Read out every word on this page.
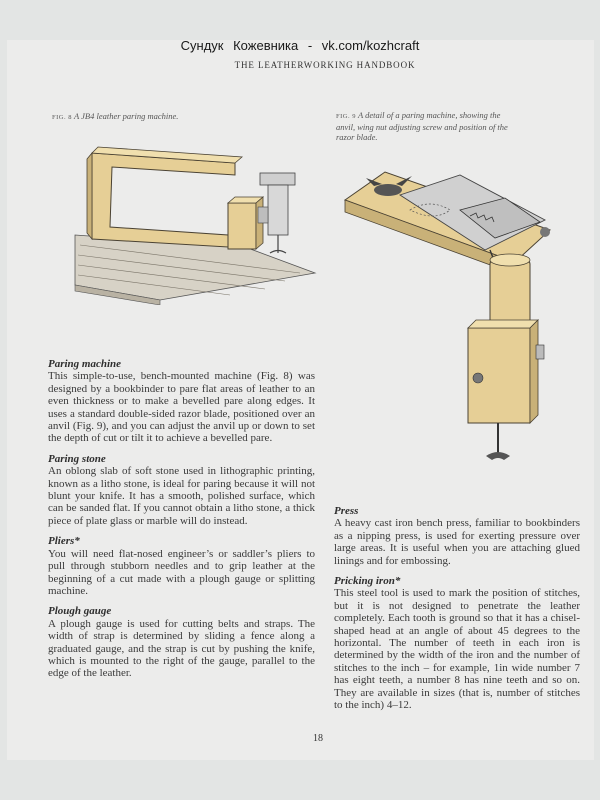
Сундук Кожевника - vk.com/kozhcraft
THE LEATHERWORKING HANDBOOK
FIG. 8 A JB4 leather paring machine.	FIG. 9 A detail of a paring machine, showing the anvil, wing nut adjusting screw and position of the razor blade.
Paring machine

This simple-to-use, bench-mounted machine (Fig. 8) was designed by a bookbinder to pare flat areas of leather to an even thickness or to make a bevelled pare along edges. It uses a standard double-sided razor blade, positioned over an anvil (Fig. 9), and you can adjust the anvil up or down to set the depth of cut or tilt it to achieve a bevelled pare.

Paring stone

An oblong slab of soft stone used in lithographic printing, known as a litho stone, is ideal for paring because it will not blunt your knife. It has a smooth, polished surface, which can be sanded flat. If you cannot obtain a litho stone, a thick piece of plate glass or marble will do instead.

Pliers*

You will need flat-nosed engineer’s or saddler’s pliers to pull through stubborn needles and to grip leather at the beginning of a cut made with a plough gauge or splitting machine.

Plough gauge

A plough gauge is used for cutting belts and straps. The width of strap is determined by sliding a fence along a graduated gauge, and the strap is cut by pushing the knife, which is mounted to the right of the gauge, parallel to the edge of the leather.

Press

A heavy cast iron bench press, familiar to bookbinders as a nipping press, is used for exerting pressure over large areas. It is useful when you are attaching glued linings and for embossing.

Pricking iron*

This steel tool is used to mark the position of stitches, but it is not designed to penetrate the leather completely. Each tooth is ground so that it has a chisel-shaped head at an angle of about 45 degrees to the horizontal. The number of teeth in each iron is determined by the width of the iron and the number of stitches to the inch – for example, 1in wide number 7 has eight teeth, a number 8 has nine teeth and so on. They are available in sizes (that is, number of stitches to the inch) 4–12.

18
